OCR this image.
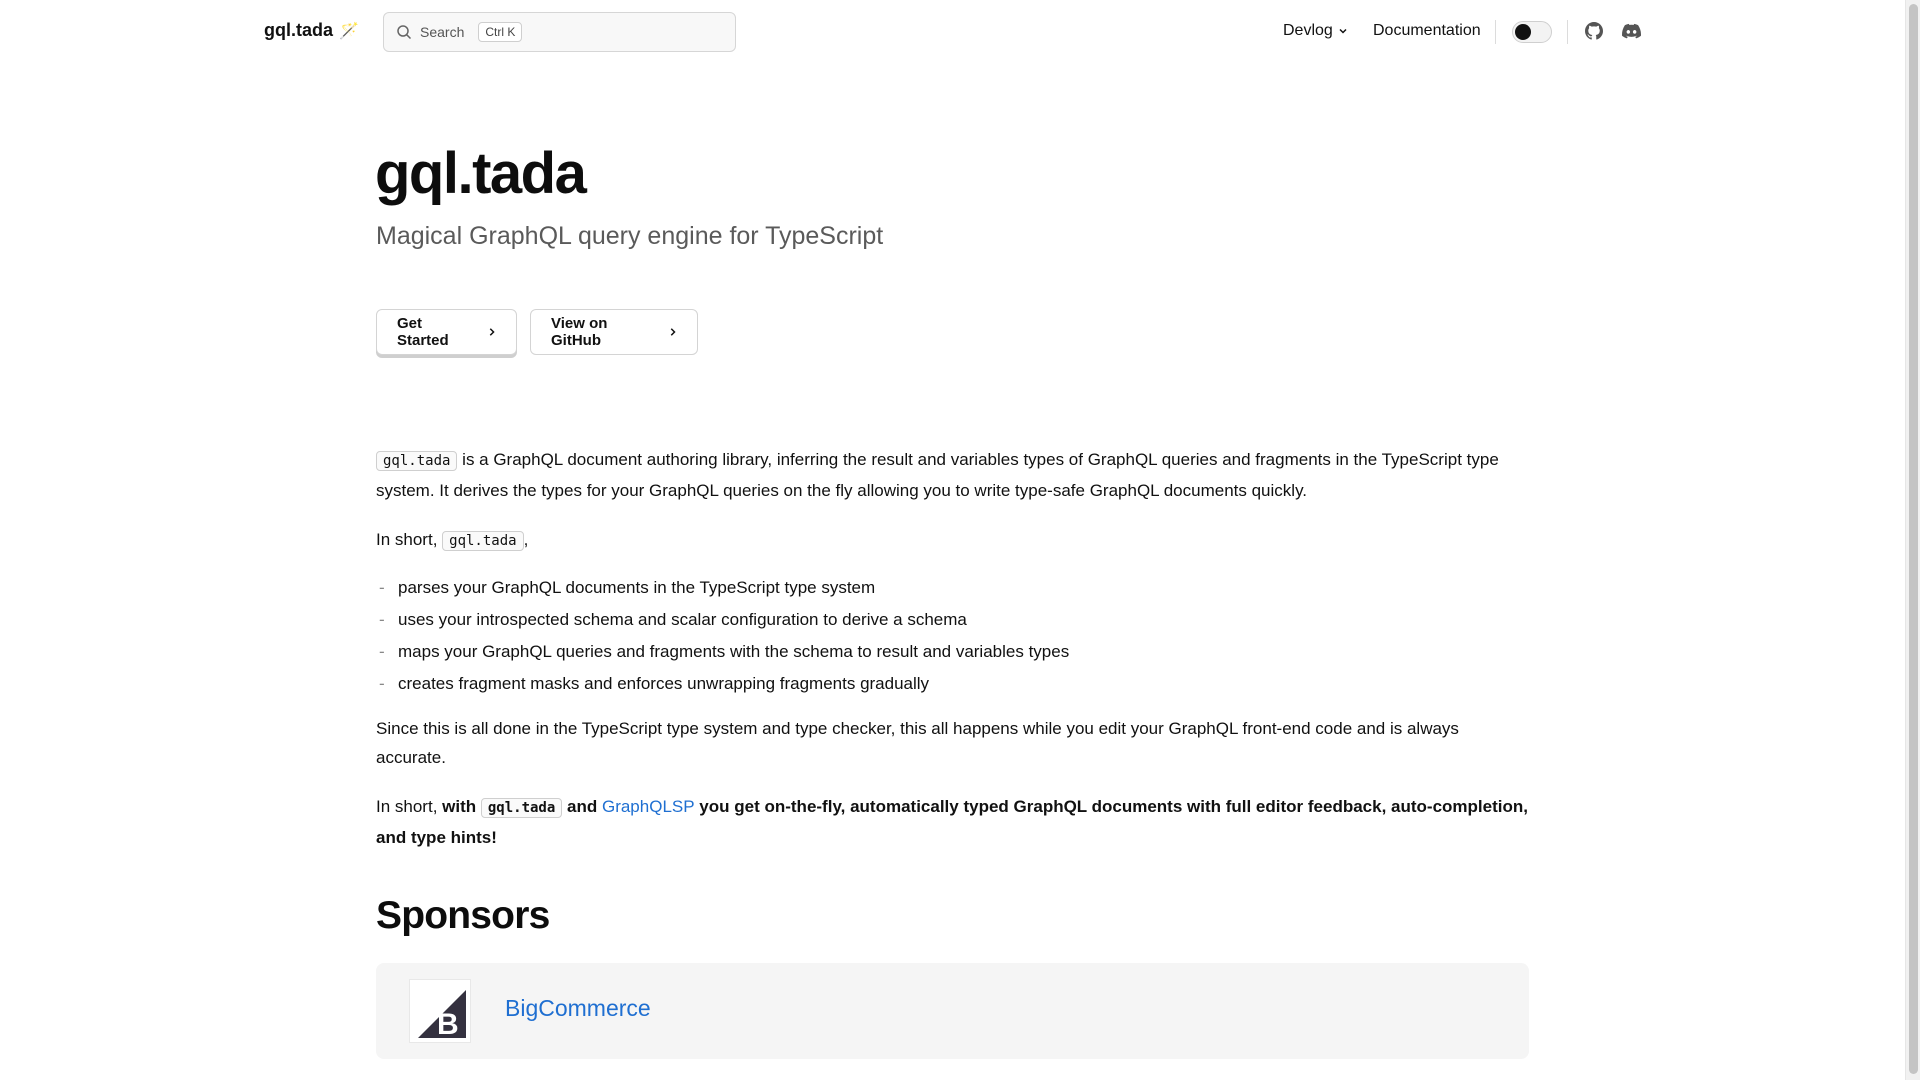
gql.tada 🪄	Search	Ctrl K	Devlog	Documentation
gql.tada

Magical GraphQL query engine for TypeScript

Get Started
View on GitHub

gql.tada is a GraphQL document authoring library, inferring the result and variables types of GraphQL queries and fragments in the TypeScript type system. It derives the types for your GraphQL queries on the fly allowing you to write type-safe GraphQL documents quickly.

In short, gql.tada ,

- parses your GraphQL documents in the TypeScript type system
- uses your introspected schema and scalar configuration to derive a schema
- maps your GraphQL queries and fragments with the schema to result and variables types
- creates fragment masks and enforces unwrapping fragments gradually

Since this is all done in the TypeScript type system and type checker, this all happens while you edit your GraphQL front-end code and is always accurate.

In short, with gql.tada and GraphQLSP you get on-the-fly, automatically typed GraphQL documents with full editor feedback, auto-completion, and type hints!

Sponsors
B BigCommerce
